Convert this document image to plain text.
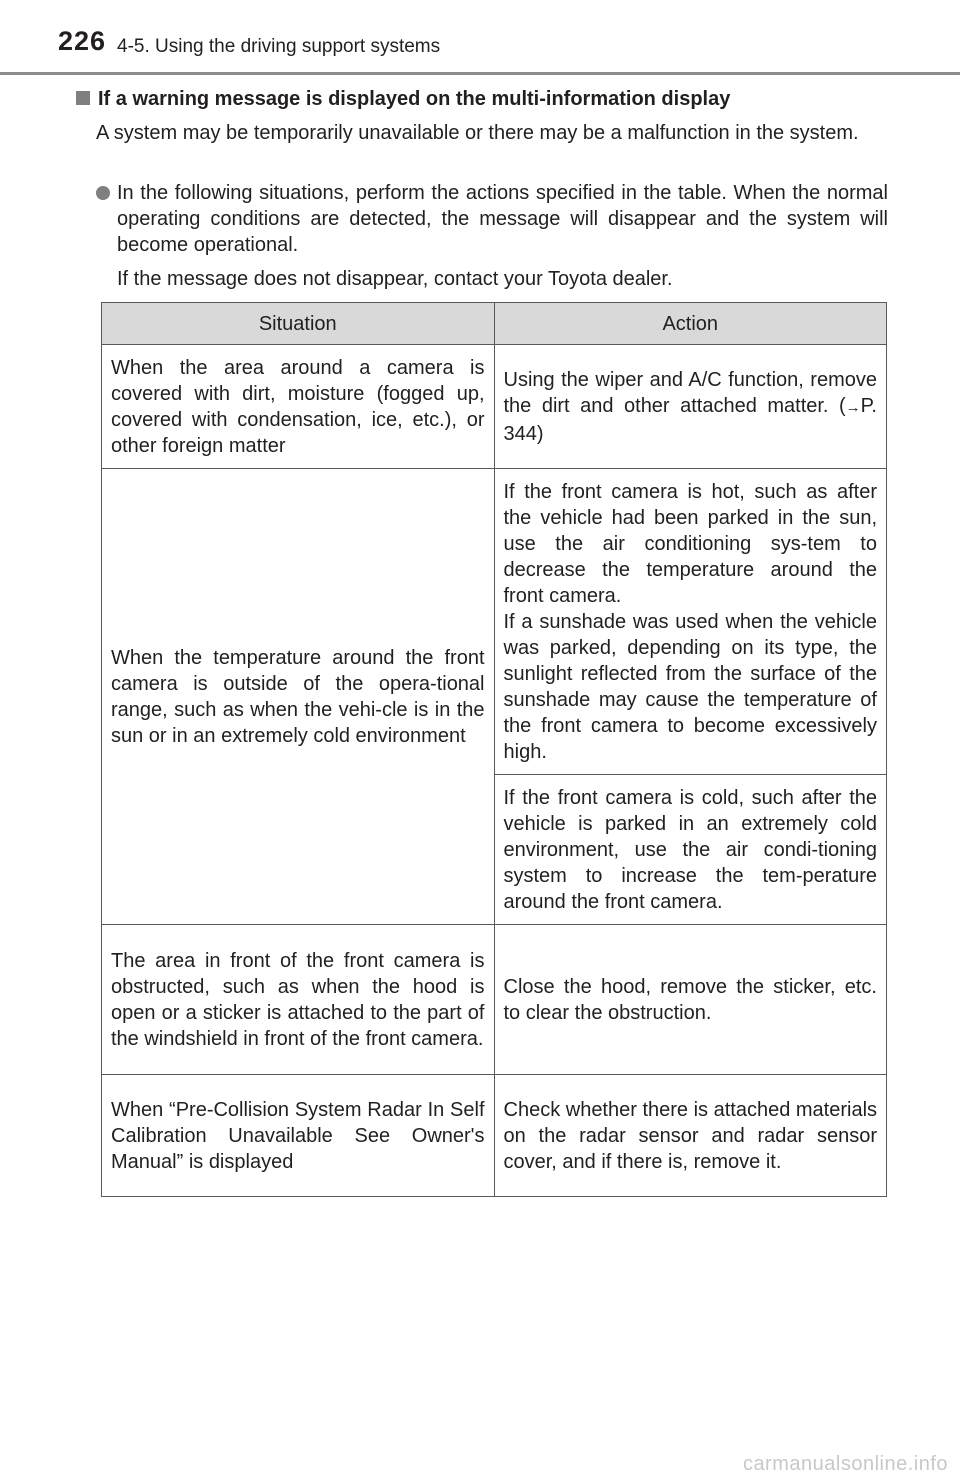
226 4-5. Using the driving support systems
If a warning message is displayed on the multi-information display
A system may be temporarily unavailable or there may be a malfunction in the system.
In the following situations, perform the actions specified in the table. When the normal operating conditions are detected, the message will disappear and the system will become operational.
If the message does not disappear, contact your Toyota dealer.
Situation	Action
When the area around a camera is covered with dirt, moisture (fogged up, covered with condensation, ice, etc.), or other foreign matter	Using the wiper and A/C function, remove the dirt and other attached matter. (→P. 344)
When the temperature around the front camera is outside of the opera-tional range, such as when the vehi-cle is in the sun or in an extremely cold environment	If the front camera is hot, such as after the vehicle had been parked in the sun, use the air conditioning sys-tem to decrease the temperature around the front camera.
If a sunshade was used when the vehicle was parked, depending on its type, the sunlight reflected from the surface of the sunshade may cause the temperature of the front camera to become excessively high.

	If the front camera is cold, such after the vehicle is parked in an extremely cold environment, use the air condi-tioning system to increase the tem-perature around the front camera.
The area in front of the front camera is obstructed, such as when the hood is open or a sticker is attached to the part of the windshield in front of the front camera.	Close the hood, remove the sticker, etc. to clear the obstruction.
When “Pre-Collision System Radar In Self Calibration Unavailable See Owner's Manual” is displayed	Check whether there is attached materials on the radar sensor and radar sensor cover, and if there is, remove it.
carmanualsonline.info
